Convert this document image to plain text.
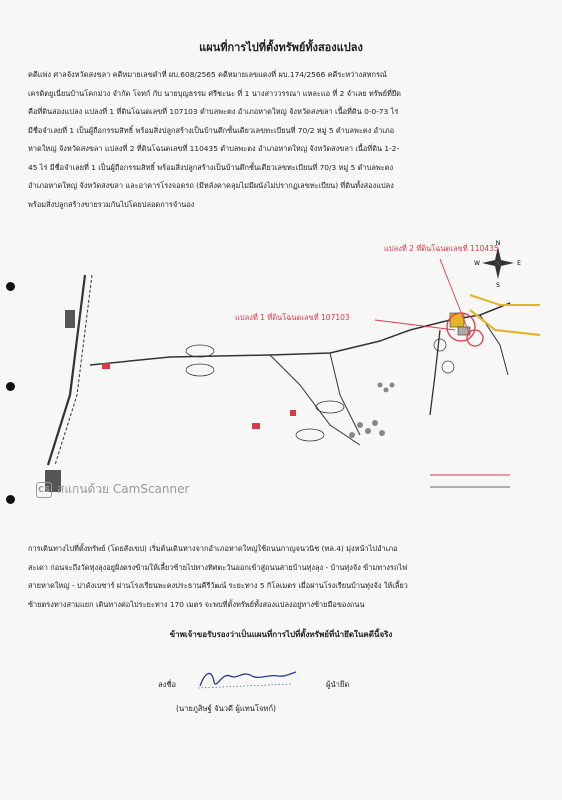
แผนที่การไปที่ตั้งทรัพย์ทั้งสองแปลง
คดีแพ่ง ศาลจังหวัดสงขลา คดีหมายเลขดำที่ ผบ.608/2565 คดีหมายเลขแดงที่ ผบ.174/2566 คดีระหว่างสหกรณ์
เครดิตยูเนี่ยนบ้านโคกม่วง จำกัด โจทก์ กับ นายบุญธรรม ศรีชะนะ ที่ 1 นางสาววรรณา แหละแอ ที่ 2 จำเลย ทรัพย์ที่ยึด
คือที่ดินสองแปลง แปลงที่ 1 ที่ดินโฉนดเลขที่ 107103 ตำบลพะตง อำเภอหาดใหญ่ จังหวัดสงขลา เนื้อที่ดิน 0-0-73 ไร่
มีชื่อจำเลยที่ 1 เป็นผู้ถือกรรมสิทธิ์ พร้อมสิ่งปลูกสร้างเป็นบ้านตึกชั้นเดียวเลขทะเบียนที่ 70/2 หมู่ 5 ตำบลพะตง อำเภอ
หาดใหญ่ จังหวัดสงขลา แปลงที่ 2 ที่ดินโฉนดเลขที่ 110435 ตำบลพะตง อำเภอหาดใหญ่ จังหวัดสงขลา เนื้อที่ดิน 1-2-
45 ไร่ มีชื่อจำเลยที่ 1 เป็นผู้ถือกรรมสิทธิ์ พร้อมสิ่งปลูกสร้างเป็นบ้านตึกชั้นเดียวเลขทะเบียนที่ 70/3 หมู่ 5 ตำบลพะตง
อำเภอหาดใหญ่ จังหวัดสงขลา และอาคารโรงจอดรถ (มีหลังคาคลุมไม่มีผนังไม่ปรากฏเลขทะเบียน) ที่ดินทั้งสองแปลง
พร้อมสิ่งปลูกสร้างขายรวมกันไปโดยปลอดการจำนอง
N
S
E
W
แปลงที่ 2 ที่ดินโฉนดเลขที่ 110435
แปลงที่ 1 ที่ดินโฉนดเลขที่ 107103
CS สแกนด้วย CamScanner
การเดินทางไปที่ตั้งทรัพย์ (โดยสังเขป) เริ่มต้นเดินทางจากอำเภอหาดใหญ่ใช้ถนนกาญจนวนิช (ทล.4) มุ่งหน้าไปอำเภอ
สะเดา ก่อนจะถึงวัดทุ่งลุงอยู่ฝั่งตรงข้ามให้เลี้ยวซ้ายไปทางทิศตะวันออกเข้าสู่ถนนสายบ้านทุ่งลุง - บ้านทุ่งจัง ข้ามทางรถไฟ
สายหาดใหญ่ - ปาดังเบซาร์ ผ่านโรงเรียนพะตงประธานคีรีวัฒน์ ระยะทาง 5 กิโลเมตร เมื่อผ่านโรงเรียนบ้านทุ่งจัง ให้เลี้ยว
ซ้ายตรงทางสามแยก เดินทางต่อไประยะทาง 170 เมตร จะพบที่ตั้งทรัพย์ทั้งสองแปลงอยู่ทางซ้ายมือของถนน
ข้าพเจ้าขอรับรองว่าเป็นแผนที่การไปที่ตั้งทรัพย์ที่นำยึดในคดีนี้จริง
ลงชื่อ	ผู้นำยึด
(นายภูสิษฐ์ จันวดี ผู้แทนโจทก์)
